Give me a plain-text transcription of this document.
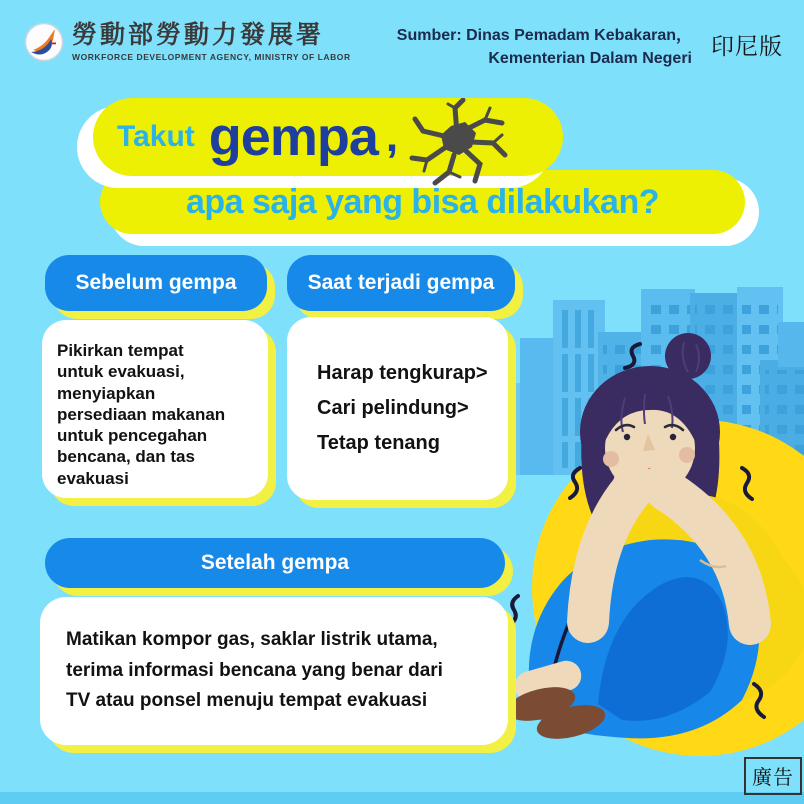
勞動部勞動力發展署
WORKFORCE DEVELOPMENT AGENCY, MINISTRY OF LABOR
Sumber: Dinas Pemadam Kebakaran，
Kementerian Dalam Negeri 印尼版
Takut gempa ,
apa saja yang bisa dilakukan?
Sebelum gempa
Pikirkan tempat
untuk evakuasi,
menyiapkan
persediaan makanan
untuk pencegahan
bencana, dan tas
evakuasi
Saat terjadi gempa
Harap tengkurap>
Cari pelindung>
Tetap tenang
Setelah gempa
Matikan kompor gas, saklar listrik utama,
terima informasi bencana yang benar dari
TV atau ponsel menuju tempat evakuasi
廣告
